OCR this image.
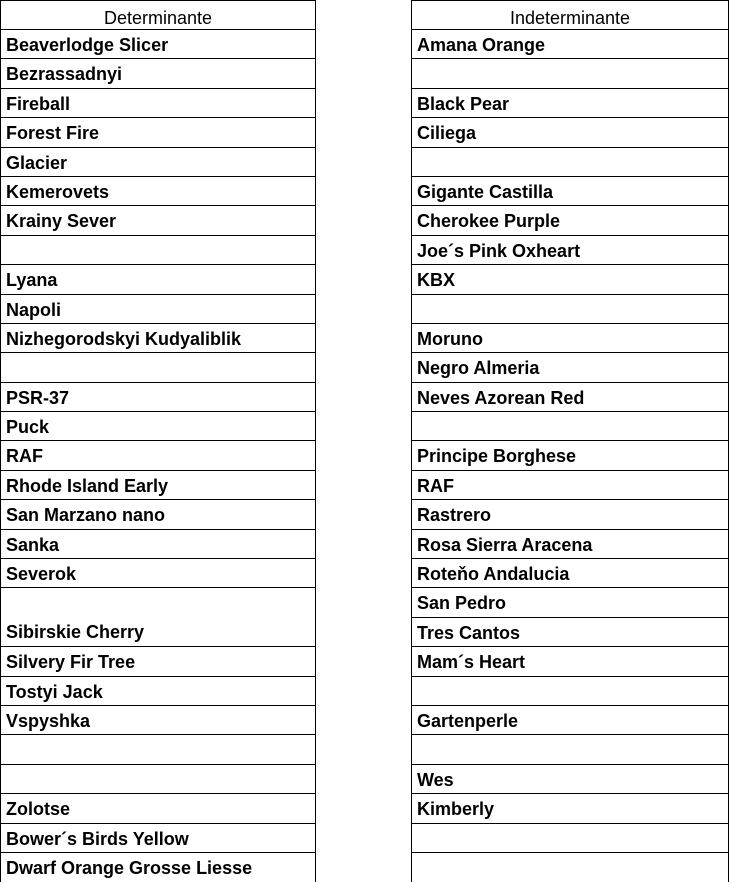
Determinante
Beaverlodge Slicer
Bezrassadnyi
Fireball
Forest Fire
Glacier
Kemerovets
Krainy Sever
Lyana
Napoli
Nizhegorodskyi Kudyaliblik
PSR-37
Puck
RAF
Rhode Island Early
San Marzano nano
Sanka
Severok
Sibirskie Cherry
Silvery Fir Tree
Tostyi Jack
Vspyshka
Zolotse
Bower´s Birds Yellow
Dwarf Orange Grosse Liesse
Indeterminante
Amana Orange
Black Pear
Ciliega
Gigante Castilla
Cherokee Purple
Joe´s Pink Oxheart
KBX
Moruno
Negro Almeria
Neves Azorean Red
Principe Borghese
RAF
Rastrero
Rosa Sierra Aracena
Roteňo Andalucia
San Pedro
Tres Cantos
Mam´s Heart
Gartenperle
Wes
Kimberly
